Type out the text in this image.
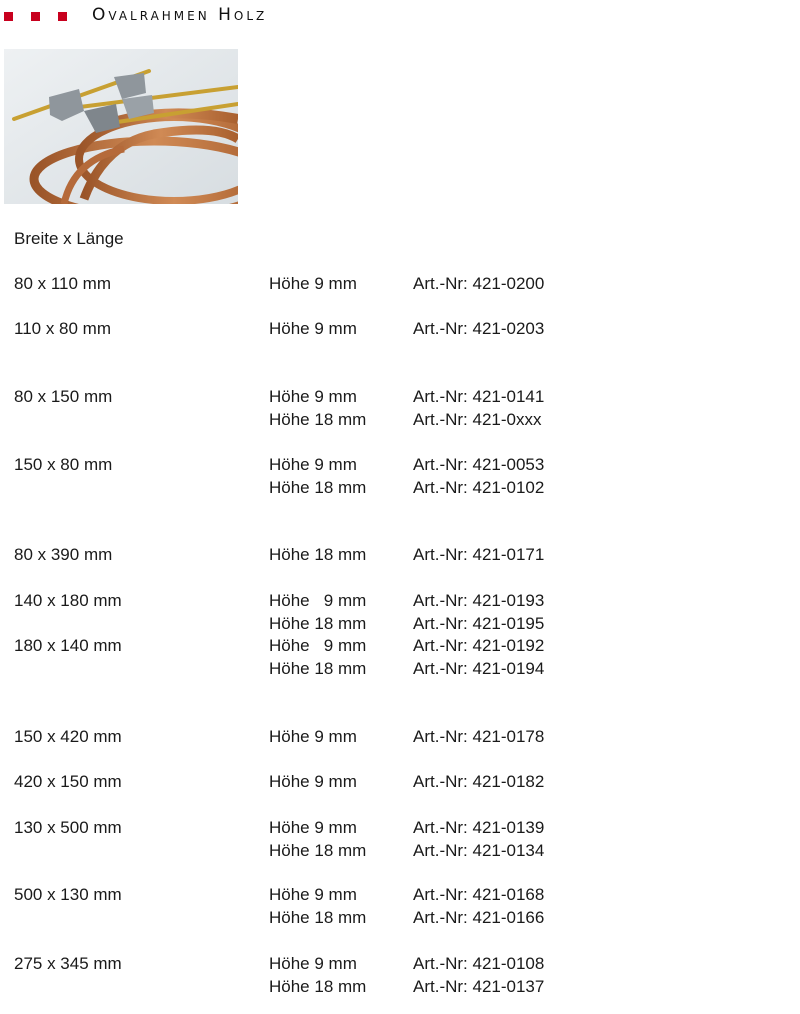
Ovalrahmen Holz
Breite x Länge
80 x 110 mm	Höhe 9 mm	Art.-Nr: 421-0200
110 x 80 mm	Höhe 9 mm	Art.-Nr: 421-0203
80 x 150 mm	Höhe 9 mm	Art.-Nr: 421-0141
Höhe 18 mm	Art.-Nr: 421-0xxx
150 x 80 mm	Höhe 9 mm	Art.-Nr: 421-0053
Höhe 18 mm	Art.-Nr: 421-0102
80 x 390 mm	Höhe 18 mm	Art.-Nr: 421-0171
140 x 180 mm	Höhe   9 mm	Art.-Nr: 421-0193
Höhe 18 mm	Art.-Nr: 421-0195
180 x 140 mm	Höhe   9 mm	Art.-Nr: 421-0192
Höhe 18 mm	Art.-Nr: 421-0194
150 x 420 mm	Höhe 9 mm	Art.-Nr: 421-0178
420 x 150 mm	Höhe 9 mm	Art.-Nr: 421-0182
130 x 500 mm	Höhe 9 mm	Art.-Nr: 421-0139
Höhe 18 mm	Art.-Nr: 421-0134
500 x 130 mm	Höhe 9 mm	Art.-Nr: 421-0168
Höhe 18 mm	Art.-Nr: 421-0166
275 x 345 mm	Höhe 9 mm	Art.-Nr: 421-0108
Höhe 18 mm	Art.-Nr: 421-0137
